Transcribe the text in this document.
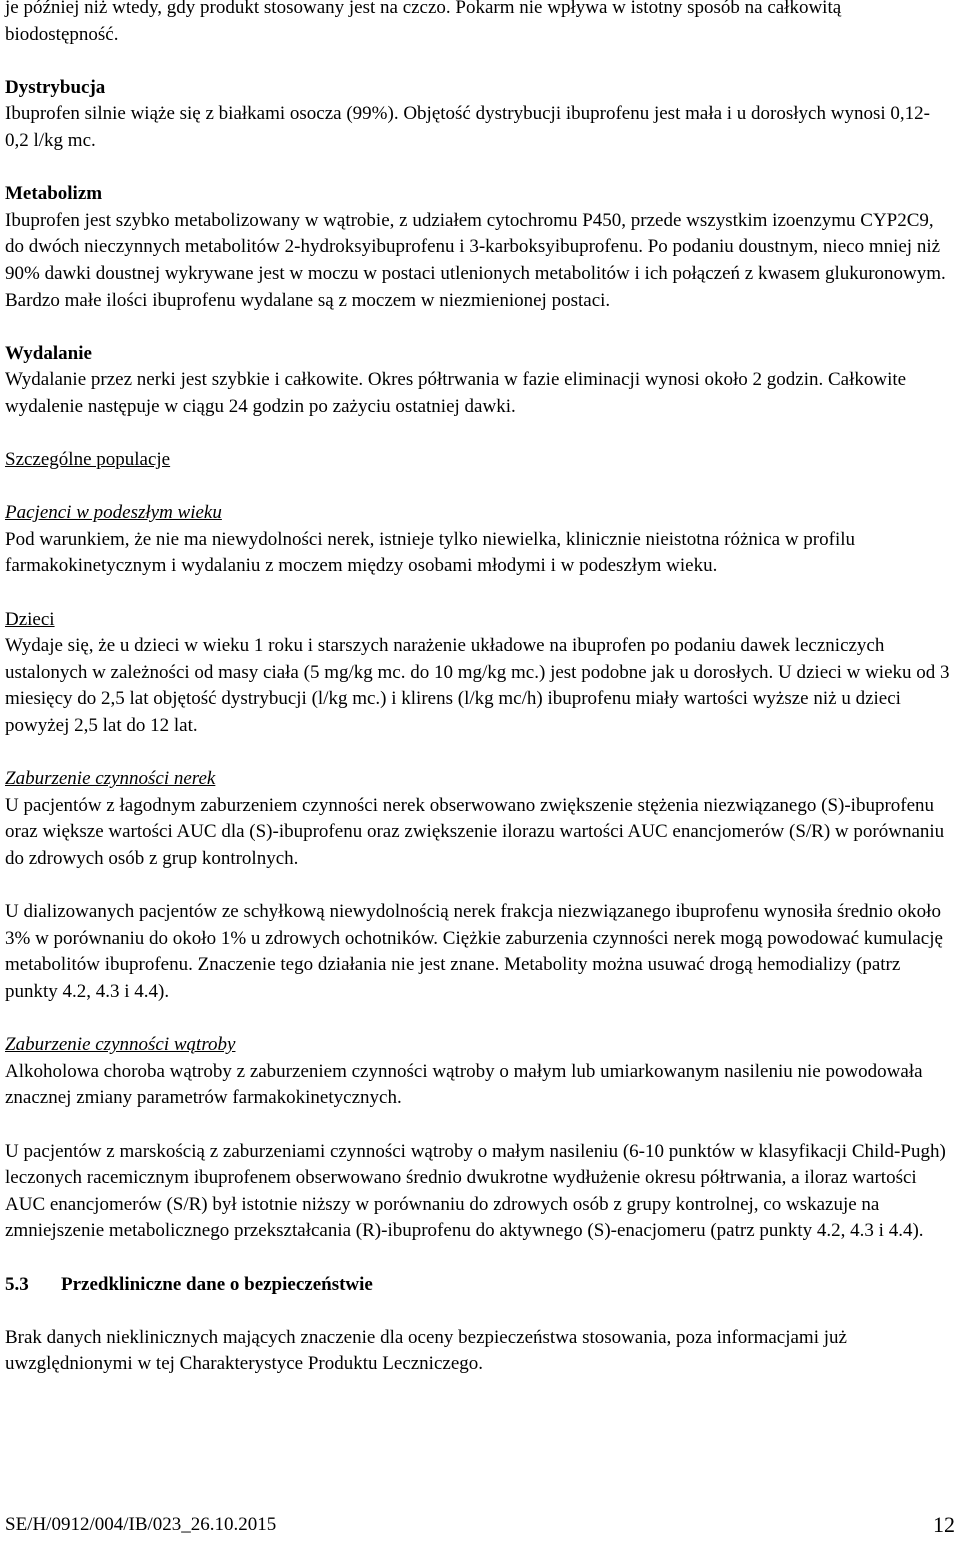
je później niż wtedy, gdy produkt stosowany jest na czczo. Pokarm nie wpływa w istotny sposób na całkowitą biodostępność.

Dystrybucja

Ibuprofen silnie wiąże się z białkami osocza (99%). Objętość dystrybucji ibuprofenu jest mała i u dorosłych wynosi 0,12-0,2 l/kg mc.

Metabolizm

Ibuprofen jest szybko metabolizowany w wątrobie, z udziałem cytochromu P450, przede wszystkim izoenzymu CYP2C9, do dwóch nieczynnych metabolitów 2-hydroksyibuprofenu i 3-karboksyibuprofenu. Po podaniu doustnym, nieco mniej niż 90% dawki doustnej wykrywane jest w moczu w postaci utlenionych metabolitów i ich połączeń z kwasem glukuronowym. Bardzo małe ilości ibuprofenu wydalane są z moczem w niezmienionej postaci.

Wydalanie

Wydalanie przez nerki jest szybkie i całkowite. Okres półtrwania w fazie eliminacji wynosi około 2 godzin. Całkowite wydalenie następuje w ciągu 24 godzin po zażyciu ostatniej dawki.

Szczególne populacje

Pacjenci w podeszłym wieku

Pod warunkiem, że nie ma niewydolności nerek, istnieje tylko niewielka, klinicznie nieistotna różnica w profilu farmakokinetycznym i wydalaniu z moczem między osobami młodymi i w podeszłym wieku.

Dzieci

Wydaje się, że u dzieci w wieku 1 roku i starszych narażenie układowe na ibuprofen po podaniu dawek leczniczych ustalonych w zależności od masy ciała (5 mg/kg mc. do 10 mg/kg mc.) jest podobne jak u dorosłych. U dzieci w wieku od 3 miesięcy do 2,5 lat objętość dystrybucji (l/kg mc.) i klirens (l/kg mc/h) ibuprofenu miały wartości wyższe niż u dzieci powyżej 2,5 lat do 12 lat.

Zaburzenie czynności nerek

U pacjentów z łagodnym zaburzeniem czynności nerek obserwowano zwiększenie stężenia niezwiązanego (S)-ibuprofenu oraz większe wartości AUC dla (S)-ibuprofenu oraz zwiększenie ilorazu wartości AUC enancjomerów (S/R) w porównaniu do zdrowych osób z grup kontrolnych.

U dializowanych pacjentów ze schyłkową niewydolnością nerek frakcja niezwiązanego ibuprofenu wynosiła średnio około 3% w porównaniu do około 1% u zdrowych ochotników. Ciężkie zaburzenia czynności nerek mogą powodować kumulację metabolitów ibuprofenu. Znaczenie tego działania nie jest znane. Metabolity można usuwać drogą hemodializy (patrz punkty 4.2, 4.3 i 4.4).

Zaburzenie czynności wątroby

Alkoholowa choroba wątroby z zaburzeniem czynności wątroby o małym lub umiarkowanym nasileniu nie powodowała znacznej zmiany parametrów farmakokinetycznych.

U pacjentów z marskością z zaburzeniami czynności wątroby o małym nasileniu (6-10 punktów w klasyfikacji Child-Pugh) leczonych racemicznym ibuprofenem obserwowano średnio dwukrotne wydłużenie okresu półtrwania, a iloraz wartości AUC enancjomerów (S/R) był istotnie niższy w porównaniu do zdrowych osób z grupy kontrolnej, co wskazuje na zmniejszenie metabolicznego przekształcania (R)-ibuprofenu do aktywnego (S)-enacjomeru (patrz punkty 4.2, 4.3 i 4.4).

5.3	Przedkliniczne dane o bezpieczeństwie

Brak danych nieklinicznych mających znaczenie dla oceny bezpieczeństwa stosowania, poza informacjami już uwzględnionymi w tej Charakterystyce Produktu Leczniczego.

SE/H/0912/004/IB/023_26.10.2015	12
